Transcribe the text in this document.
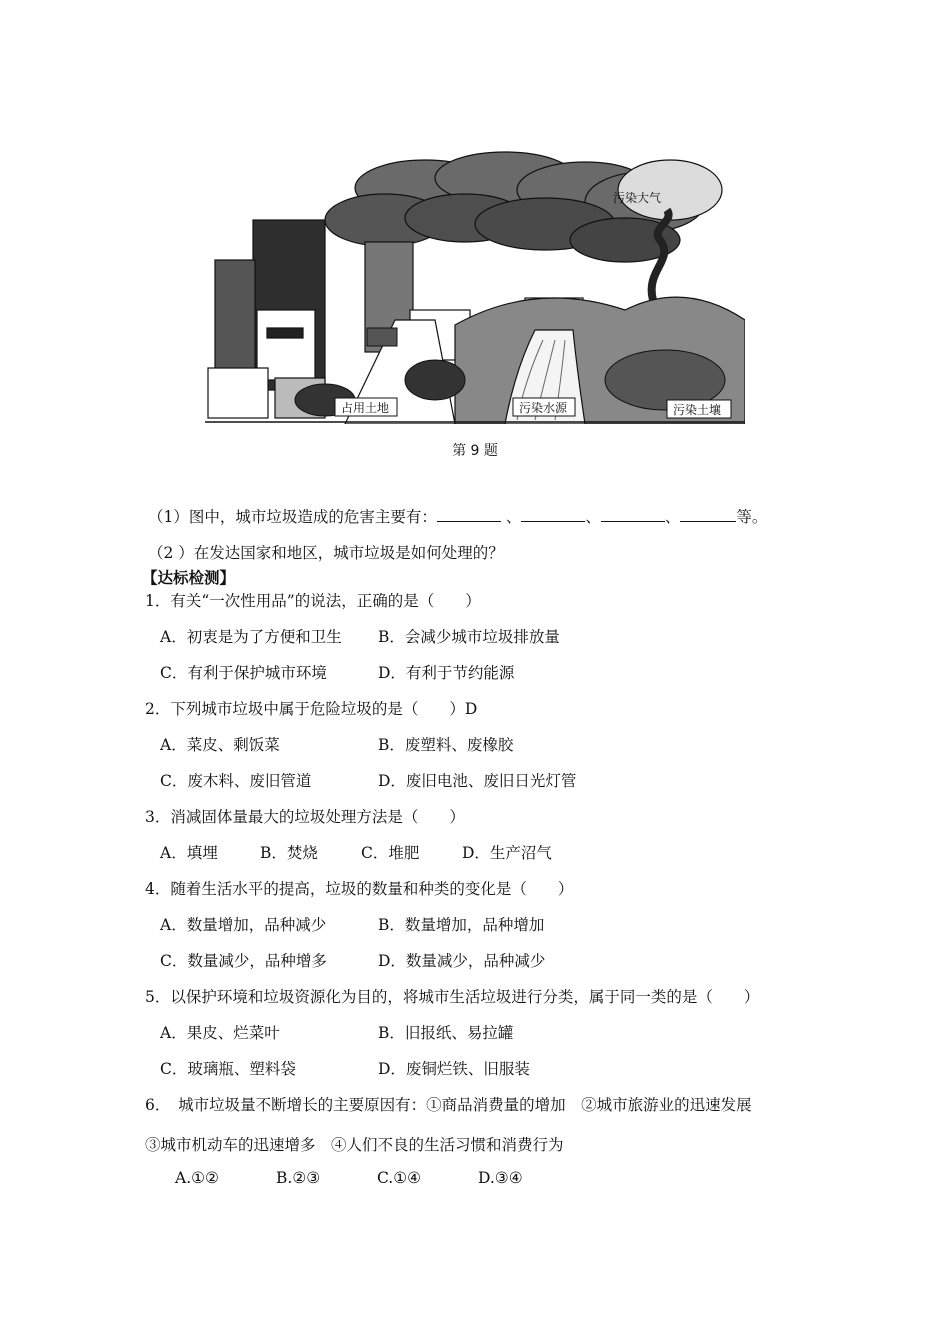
占用土地	污染水源	污染土壤
污染大气
第 9 题
（1）图中，城市垃圾造成的危害主要有：	、	、	、	等。
（2 ）在发达国家和地区，城市垃圾是如何处理的？
【达标检测】
1．有关“一次性用品”的说法，正确的是（　　）
A．初衷是为了方便和卫生 B．会减少城市垃圾排放量
C．有利于保护城市环境	D．有利于节约能源
2．下列城市垃圾中属于危险垃圾的是（　　）D
A．菜皮、剩饭菜	B．废塑料、废橡胶
C．废木料、废旧管道	D．废旧电池、废旧日光灯管
3．消减固体量最大的垃圾处理方法是（　　）
A．填埋	B．焚烧	C．堆肥	D．生产沼气
4．随着生活水平的提高，垃圾的数量和种类的变化是（　　）
A．数量增加，品种减少	B．数量增加，品种增加
C．数量减少，品种增多	D．数量减少，品种减少
5．以保护环境和垃圾资源化为目的，将城市生活垃圾进行分类，属于同一类的是（　　）
A．果皮、烂菜叶	B．旧报纸、易拉罐
C．玻璃瓶、塑料袋	D．废铜烂铁、旧服装
6．　城市垃圾量不断增长的主要原因有：①商品消费量的增加　②城市旅游业的迅速发展
③城市机动车的迅速增多　④人们不良的生活习惯和消费行为
A.①②	B.②③	C.①④	D.③④
